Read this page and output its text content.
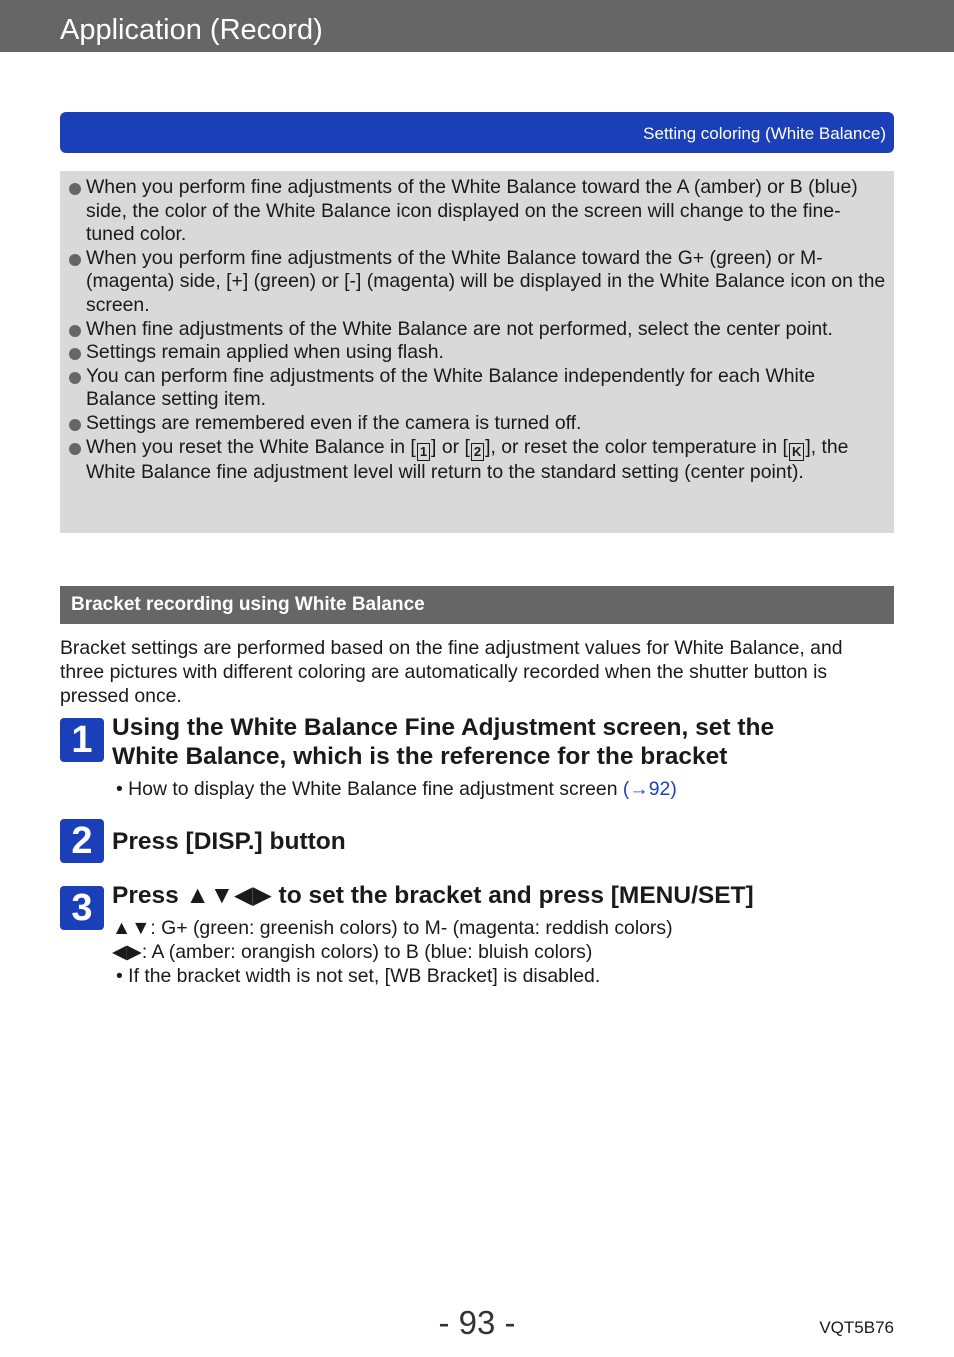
Application (Record)
Setting coloring (White Balance)
When you perform fine adjustments of the White Balance toward the A (amber) or B (blue) side, the color of the White Balance icon displayed on the screen will change to the fine-tuned color.
When you perform fine adjustments of the White Balance toward the G+ (green) or M- (magenta) side, [+] (green) or [-] (magenta) will be displayed in the White Balance icon on the screen.
When fine adjustments of the White Balance are not performed, select the center point.
Settings remain applied when using flash.
You can perform fine adjustments of the White Balance independently for each White Balance setting item.
Settings are remembered even if the camera is turned off.
When you reset the White Balance in [ 1 ] or [ 2 ], or reset the color temperature in [ K ], the White Balance fine adjustment level will return to the standard setting (center point).
Bracket recording using White Balance
Bracket settings are performed based on the fine adjustment values for White Balance, and three pictures with different coloring are automatically recorded when the shutter button is pressed once.
1 Using the White Balance Fine Adjustment screen, set the
White Balance, which is the reference for the bracket
• How to display the White Balance fine adjustment screen (→92)
2 Press [DISP.] button
3 Press ▲▼◀▶ to set the bracket and press [MENU/SET]
▲▼: G+ (green: greenish colors) to M- (magenta: reddish colors)
◀▶: A (amber: orangish colors) to B (blue: bluish colors)
• If the bracket width is not set, [WB Bracket] is disabled.
- 93 -	VQT5B76
